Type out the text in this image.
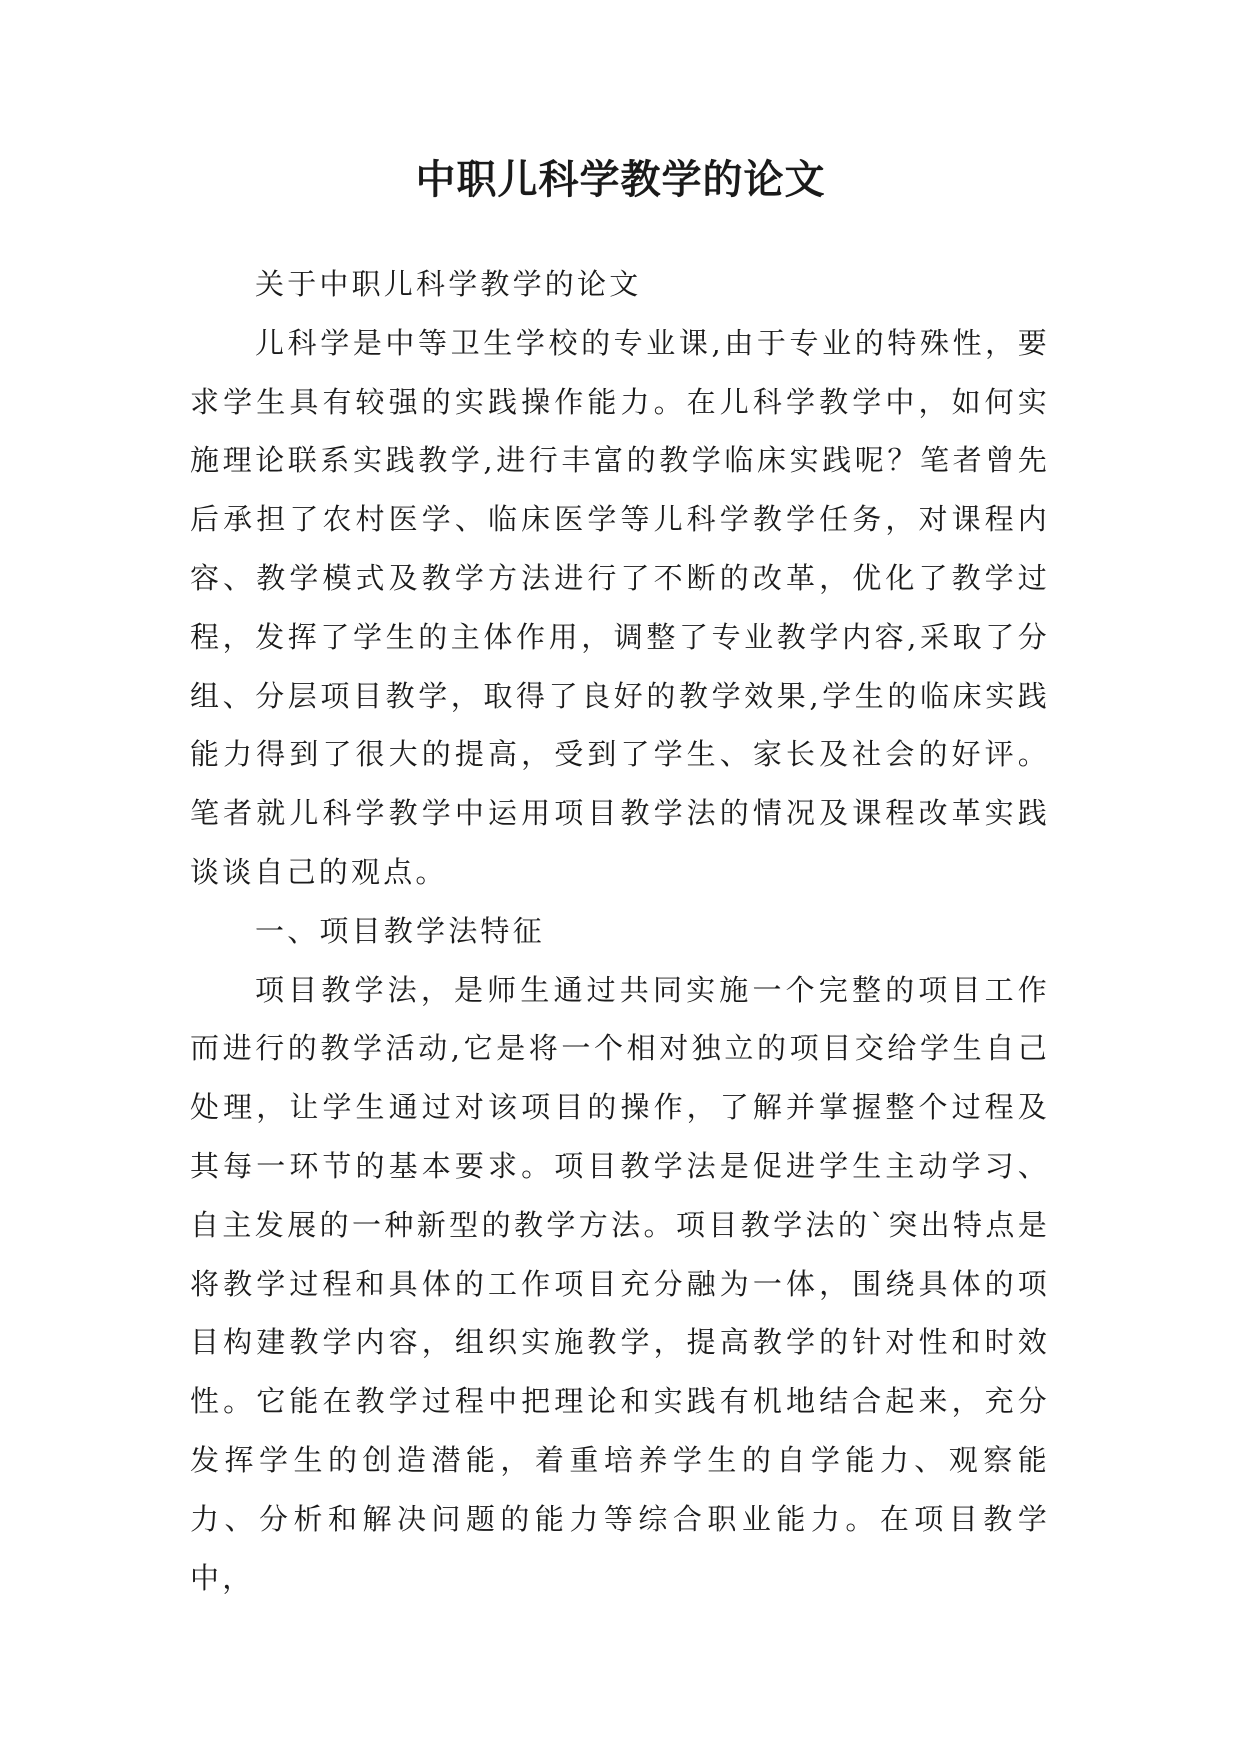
中职儿科学教学的论文

关于中职儿科学教学的论文

儿科学是中等卫生学校的专业课,由于专业的特殊性，要求学生具有较强的实践操作能力。在儿科学教学中，如何实施理论联系实践教学,进行丰富的教学临床实践呢？笔者曾先后承担了农村医学、临床医学等儿科学教学任务，对课程内容、教学模式及教学方法进行了不断的改革，优化了教学过程，发挥了学生的主体作用，调整了专业教学内容,采取了分组、分层项目教学，取得了良好的教学效果,学生的临床实践能力得到了很大的提高，受到了学生、家长及社会的好评。笔者就儿科学教学中运用项目教学法的情况及课程改革实践谈谈自己的观点。

一、项目教学法特征

项目教学法，是师生通过共同实施一个完整的项目工作而进行的教学活动,它是将一个相对独立的项目交给学生自己处理，让学生通过对该项目的操作，了解并掌握整个过程及其每一环节的基本要求。项目教学法是促进学生主动学习、自主发展的一种新型的教学方法。项目教学法的`突出特点是将教学过程和具体的工作项目充分融为一体，围绕具体的项目构建教学内容，组织实施教学，提高教学的针对性和时效性。它能在教学过程中把理论和实践有机地结合起来，充分发挥学生的创造潜能，着重培养学生的自学能力、观察能力、分析和解决问题的能力等综合职业能力。在项目教学中，
